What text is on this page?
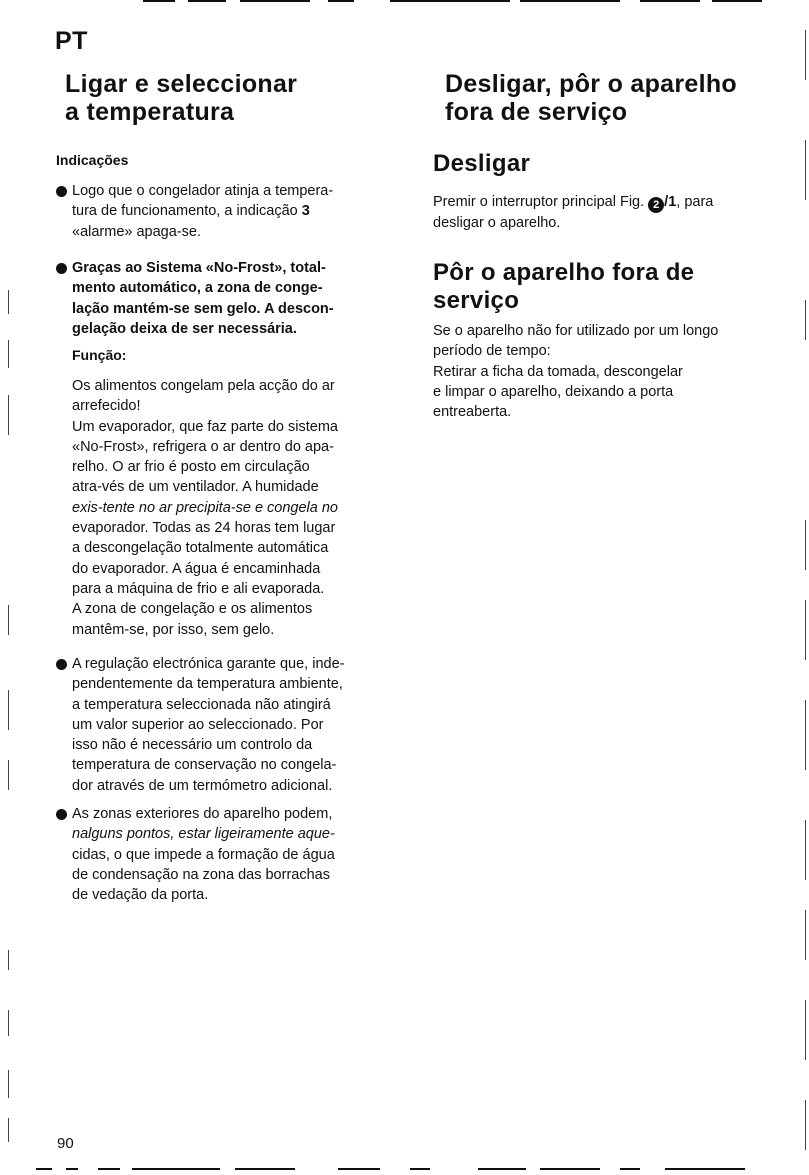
PT
Ligar e seleccionar
a temperatura
Indicações
Logo que o congelador atinja a tempera-
tura de funcionamento, a indicação 3
«alarme» apaga-se.
Graças ao Sistema «No-Frost», total-
mento automático, a zona de conge-
lação mantém-se sem gelo. A descon-
gelação deixa de ser necessária.
Função:
Os alimentos congelam pela acção do ar
arrefecido!
Um evaporador, que faz parte do sistema
«No-Frost», refrigera o ar dentro do apa-
relho. O ar frio é posto em circulação
atra-vés de um ventilador. A humidade
exis-tente no ar precipita-se e congela no
evaporador. Todas as 24 horas tem lugar
a descongelação totalmente automática
do evaporador. A água é encaminhada
para a máquina de frio e ali evaporada.
A zona de congelação e os alimentos
mantêm-se, por isso, sem gelo.
A regulação electrónica garante que, inde-
pendentemente da temperatura ambiente,
a temperatura seleccionada não atingirá
um valor superior ao seleccionado. Por
isso não é necessário um controlo da
temperatura de conservação no congela-
dor através de um termómetro adicional.
As zonas exteriores do aparelho podem,
nalguns pontos, estar ligeiramente aque-
cidas, o que impede a formação de água
de condensação na zona das borrachas
de vedação da porta.
Desligar, pôr o aparelho
fora de serviço
Desligar
Premir o interruptor principal Fig. 2 /1, para
desligar o aparelho.
Pôr o aparelho fora de
serviço
Se o aparelho não for utilizado por um longo
período de tempo:
Retirar a ficha da tomada, descongelar
e limpar o aparelho, deixando a porta
entreaberta.
90
